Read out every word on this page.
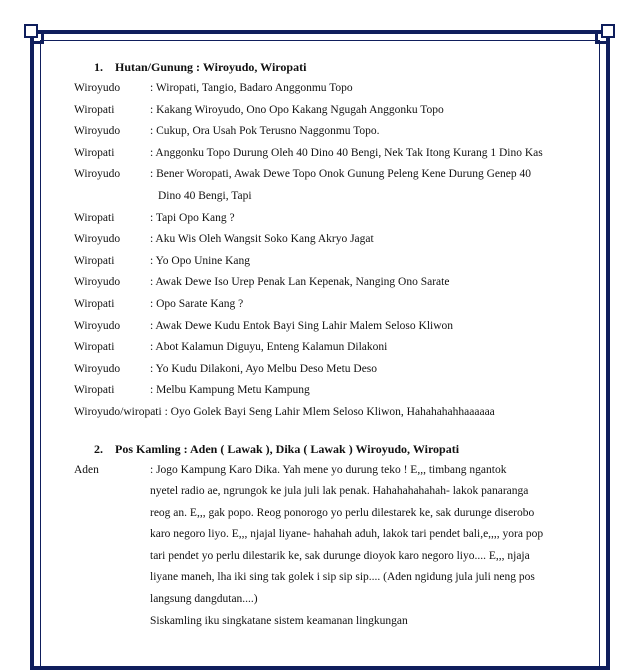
1. Hutan/Gunung : Wiroyudo, Wiropati
Wiroyudo	: Wiropati, Tangio, Badaro Anggonmu Topo
Wiropati	: Kakang Wiroyudo, Ono Opo Kakang Ngugah Anggonku Topo
Wiroyudo	: Cukup, Ora Usah Pok Terusno Naggonmu Topo.
Wiropati	: Anggonku Topo Durung Oleh 40 Dino 40 Bengi, Nek Tak Itong Kurang 1 Dino Kas
Wiroyudo	: Bener Woropati, Awak Dewe Topo Onok Gunung Peleng Kene Durung Genep 40
Dino 40 Bengi, Tapi
Wiropati	: Tapi Opo Kang ?
Wiroyudo	: Aku Wis Oleh Wangsit Soko Kang Akryo Jagat
Wiropati	: Yo Opo Unine Kang
Wiroyudo	: Awak Dewe Iso Urep Penak Lan Kepenak, Nanging Ono Sarate
Wiropati	: Opo Sarate Kang ?
Wiroyudo	: Awak Dewe Kudu Entok Bayi Sing Lahir Malem Seloso Kliwon
Wiropati	: Abot Kalamun Diguyu, Enteng Kalamun Dilakoni
Wiroyudo	: Yo Kudu Dilakoni, Ayo Melbu Deso Metu Deso
Wiropati	: Melbu Kampung Metu Kampung
Wiroyudo/wiropati : Oyo Golek Bayi Seng Lahir Mlem Seloso Kliwon, Hahahahahhaaaaaa
2. Pos Kamling : Aden ( Lawak ), Dika ( Lawak ) Wiroyudo, Wiropati
Aden	: Jogo Kampung Karo Dika. Yah mene yo durung teko ! E,,, timbang ngantok
nyetel radio ae, ngrungok ke jula juli lak penak. Hahahahahahah- lakok panaranga
reog an. E,,, gak popo. Reog ponorogo yo perlu dilestarek ke, sak durunge diserobo
karo negoro liyo. E,,, njajal liyane- hahahah aduh, lakok tari pendet bali,e,,,, yora pop
tari pendet yo perlu dilestarik ke, sak durunge dioyok karo negoro liyo.... E,,, njaja
liyane maneh, lha iki sing tak golek i sip sip sip.... (Aden ngidung jula juli neng pos
langsung dangdutan....)
Siskamling iku singkatane sistem keamanan lingkungan
